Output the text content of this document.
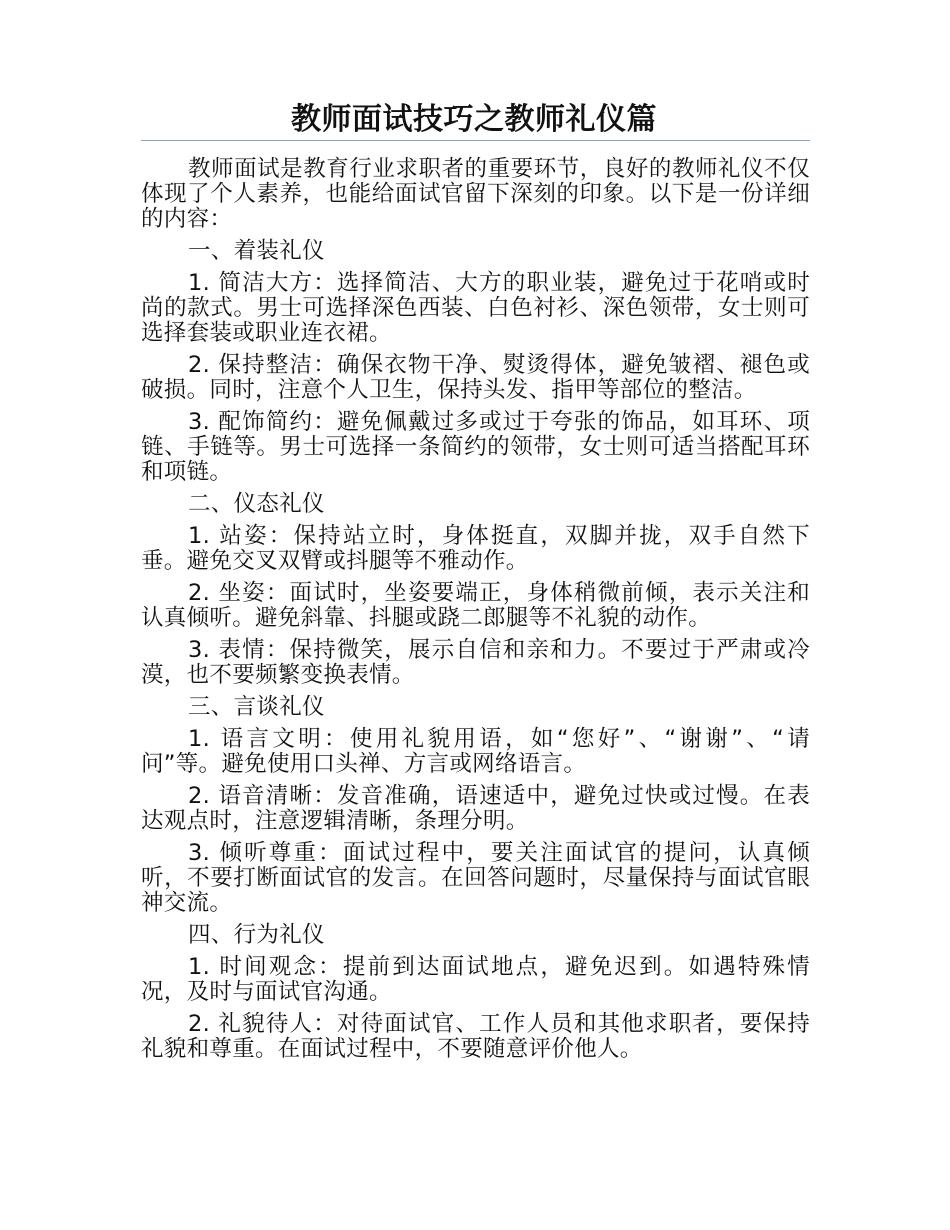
教师面试技巧之教师礼仪篇

教师面试是教育行业求职者的重要环节，良好的教师礼仪不仅体现了个人素养，也能给面试官留下深刻的印象。以下是一份详细的内容：

一、着装礼仪

1. 简洁大方：选择简洁、大方的职业装，避免过于花哨或时尚的款式。男士可选择深色西装、白色衬衫、深色领带，女士则可选择套装或职业连衣裙。

2. 保持整洁：确保衣物干净、熨烫得体，避免皱褶、褪色或破损。同时，注意个人卫生，保持头发、指甲等部位的整洁。

3. 配饰简约：避免佩戴过多或过于夸张的饰品，如耳环、项链、手链等。男士可选择一条简约的领带，女士则可适当搭配耳环和项链。

二、仪态礼仪

1. 站姿：保持站立时，身体挺直，双脚并拢，双手自然下垂。避免交叉双臂或抖腿等不雅动作。

2. 坐姿：面试时，坐姿要端正，身体稍微前倾，表示关注和认真倾听。避免斜靠、抖腿或跷二郎腿等不礼貌的动作。

3. 表情：保持微笑，展示自信和亲和力。不要过于严肃或冷漠，也不要频繁变换表情。

三、言谈礼仪

1. 语言文明：使用礼貌用语，如“您好”、“谢谢”、“请问”等。避免使用口头禅、方言或网络语言。

2. 语音清晰：发音准确，语速适中，避免过快或过慢。在表达观点时，注意逻辑清晰，条理分明。

3. 倾听尊重：面试过程中，要关注面试官的提问，认真倾听，不要打断面试官的发言。在回答问题时，尽量保持与面试官眼神交流。

四、行为礼仪

1. 时间观念：提前到达面试地点，避免迟到。如遇特殊情况，及时与面试官沟通。

2. 礼貌待人：对待面试官、工作人员和其他求职者，要保持礼貌和尊重。在面试过程中，不要随意评价他人。
